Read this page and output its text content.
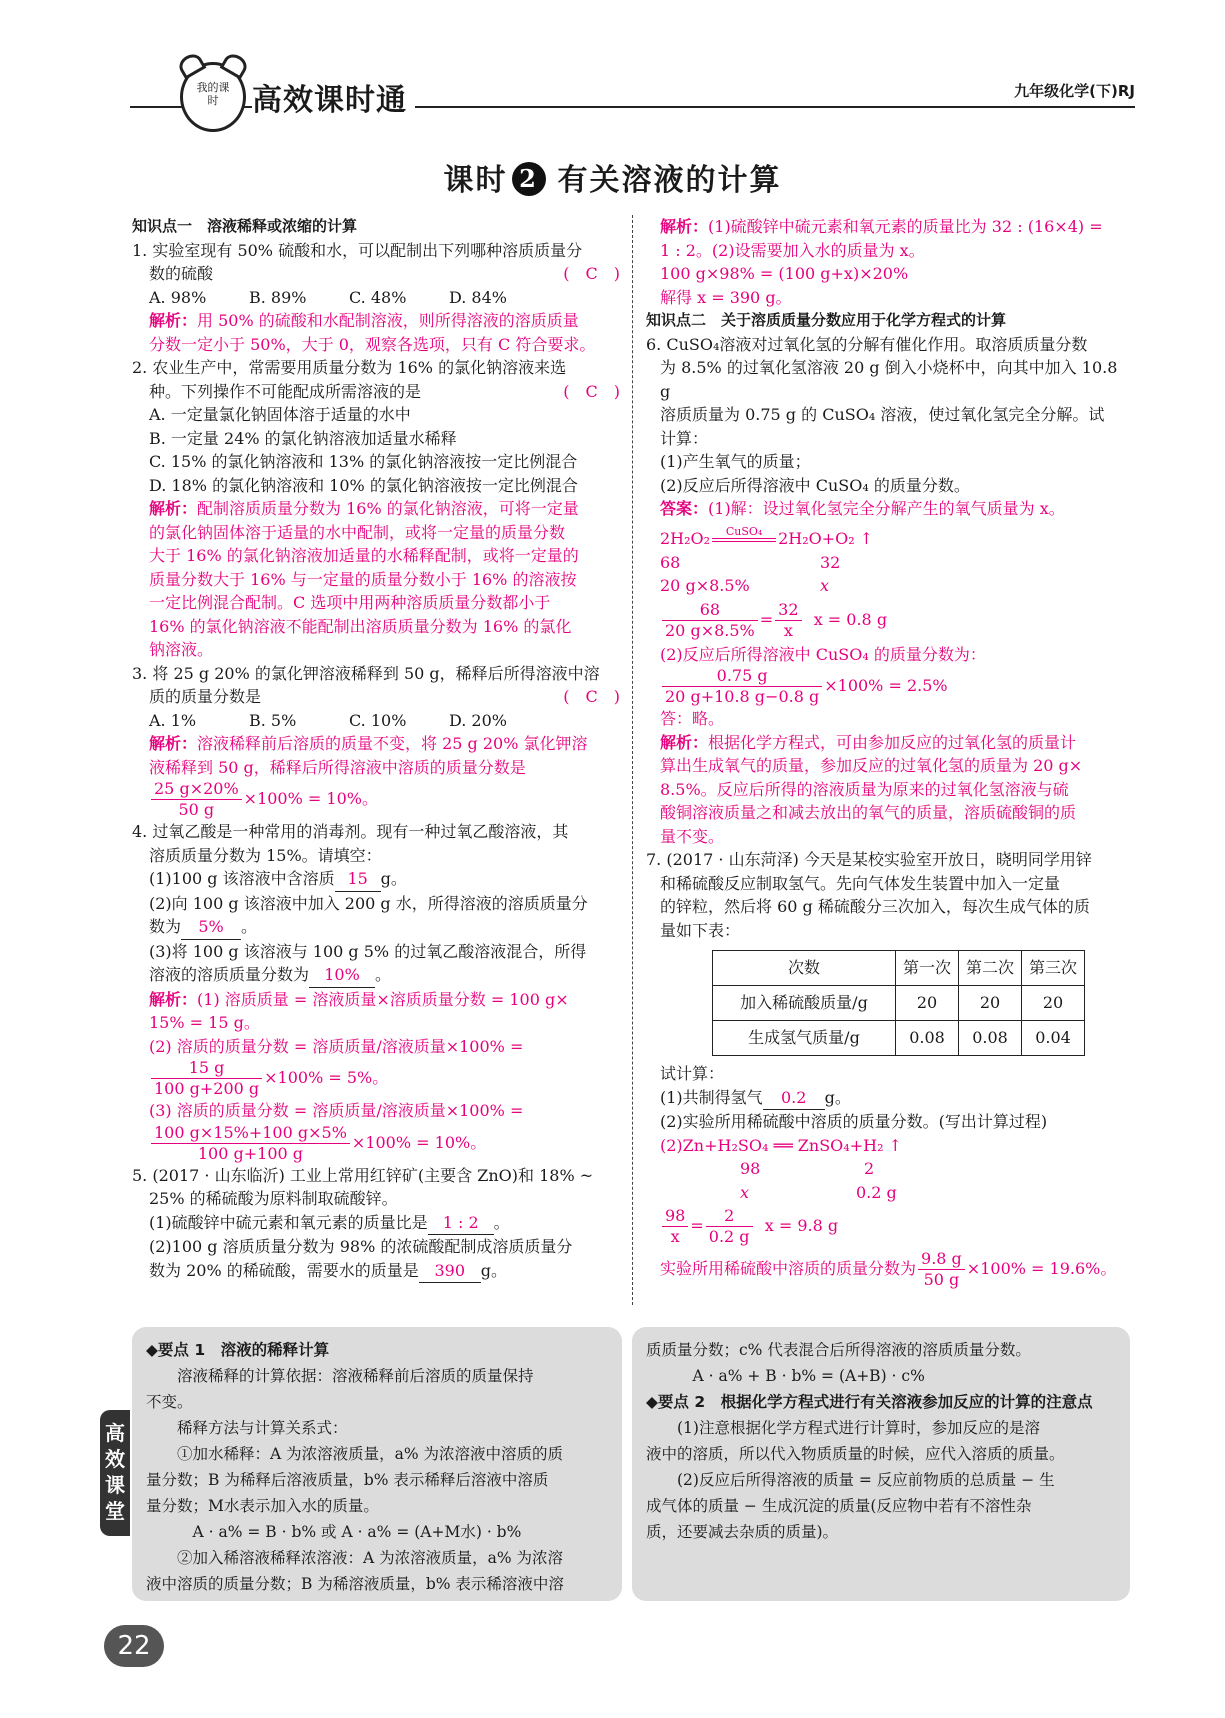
我的课时	高效课时通	九年级化学(下)RJ
课时 2 有关溶液的计算
知识点一　溶液稀释或浓缩的计算
1. 实验室现有 50% 硫酸和水，可以配制出下列哪种溶质质量分
数的硫酸	(　C　)
A. 98%	B. 89%	C. 48%	D. 84%
解析：用 50% 的硫酸和水配制溶液，则所得溶液的溶质质量
分数一定小于 50%，大于 0，观察各选项，只有 C 符合要求。
2. 农业生产中，常需要用质量分数为 16% 的氯化钠溶液来选
种。下列操作不可能配成所需溶液的是	(　C　)
A. 一定量氯化钠固体溶于适量的水中
B. 一定量 24% 的氯化钠溶液加适量水稀释
C. 15% 的氯化钠溶液和 13% 的氯化钠溶液按一定比例混合
D. 18% 的氯化钠溶液和 10% 的氯化钠溶液按一定比例混合
解析：配制溶质质量分数为 16% 的氯化钠溶液，可将一定量
的氯化钠固体溶于适量的水中配制，或将一定量的质量分数
大于 16% 的氯化钠溶液加适量的水稀释配制，或将一定量的
质量分数大于 16% 与一定量的质量分数小于 16% 的溶液按
一定比例混合配制。C 选项中用两种溶质质量分数都小于
16% 的氯化钠溶液不能配制出溶质质量分数为 16% 的氯化
钠溶液。
3. 将 25 g 20% 的氯化钾溶液稀释到 50 g，稀释后所得溶液中溶
质的质量分数是	(　C　)
A. 1%	B. 5%	C. 10%	D. 20%
解析：溶液稀释前后溶质的质量不变，将 25 g 20% 氯化钾溶
液稀释到 50 g，稀释后所得溶液中溶质的质量分数是
$\frac{25 g\times 20\%}{50 g} \times 100\% = 10\%$。
4. 过氧乙酸是一种常用的消毒剂。现有一种过氧乙酸溶液，其
溶质质量分数为 15%。请填空：
(1)100 g 该溶液中含溶质 15 g。
(2)向 100 g 该溶液中加入 200 g 水，所得溶液的溶质质量分
数为 5% 。
(3)将 100 g 该溶液与 100 g 5% 的过氧乙酸溶液混合，所得
溶液的溶质质量分数为 10% 。
解析：(1) 溶质质量 = 溶液质量×溶质质量分数 = 100 g×
15% = 15 g。
(2) 溶质的质量分数 = 溶质质量/溶液质量×100% =
$\frac{15 g}{100 g+200 g} \times 100\% = 5\%$。
(3) 溶质的质量分数 = 溶质质量/溶液质量×100% =
$\frac{100 g\times 15\%+100 g\times 5\%}{100 g+100 g} \times 100\% = 10\%$。
5. (2017 · 山东临沂) 工业上常用红锌矿(主要含 ZnO)和 18% ~
25% 的稀硫酸为原料制取硫酸锌。
(1)硫酸锌中硫元素和氧元素的质量比是 1 : 2 。
(2)100 g 溶质质量分数为 98% 的浓硫酸配制成溶质质量分
数为 20% 的稀硫酸，需要水的质量是 390 g。
解析：(1)硫酸锌中硫元素和氧元素的质量比为 32 : (16×4) =
1 : 2。(2)设需要加入水的质量为 x。
100 g×98% = (100 g+x)×20%
解得 x = 390 g。
知识点二　关于溶质质量分数应用于化学方程式的计算
6. CuSO₄溶液对过氧化氢的分解有催化作用。取溶质质量分数
为 8.5% 的过氧化氢溶液 20 g 倒入小烧杯中，向其中加入 10.8 g
溶质质量为 0.75 g 的 CuSO₄ 溶液，使过氧化氢完全分解。试
计算：
(1)产生氧气的质量；
(2)反应后所得溶液中 CuSO₄ 的质量分数。
答案：(1)解：设过氧化氢完全分解产生的氧气质量为 x。
2H₂O₂	CuSO₄ 2H₂O+O₂ ↑
68	32
20 g×8.5%	x
$\frac{68}{20 g\times 8.5\%} = \frac{32}{x}$ x = 0.8 g
(2)反应后所得溶液中 CuSO₄ 的质量分数为：
$\frac{0.75 g}{20 g+10.8 g-0.8 g} \times 100\% = 2.5\%$
答：略。
解析：根据化学方程式，可由参加反应的过氧化氢的质量计
算出生成氧气的质量，参加反应的过氧化氢的质量为 20 g×
8.5%。反应后所得的溶液质量为原来的过氧化氢溶液与硫
酸铜溶液质量之和减去放出的氧气的质量，溶质硫酸铜的质
量不变。
7. (2017 · 山东菏泽) 今天是某校实验室开放日，晓明同学用锌
和稀硫酸反应制取氢气。先向气体发生装置中加入一定量
的锌粒，然后将 60 g 稀硫酸分三次加入，每次生成气体的质
量如下表：
次数	第一次	第二次	第三次
加入稀硫酸质量/g	20	20	20
生成氢气质量/g	0.08	0.08	0.04
试计算：
(1)共制得氢气 0.2 g。
(2)实验所用稀硫酸中溶质的质量分数。(写出计算过程)
(2)Zn+H₂SO₄ ══ ZnSO₄+H₂ ↑
98	2
x	0.2 g
$\frac{98}{x} = \frac{2}{0.2 g}$ x = 9.8 g
实验所用稀硫酸中溶质的质量分数为 $\frac{9.8 g}{50 g} \times 100\% = 19.6\%$。
高
效
课
堂
◆要点 1　溶液的稀释计算
　　溶液稀释的计算依据：溶液稀释前后溶质的质量保持
不变。
　　稀释方法与计算关系式：
　　①加水稀释：A 为浓溶液质量，a% 为浓溶液中溶质的质
量分数；B 为稀释后溶液质量，b% 表示稀释后溶液中溶质
量分数；M水表示加入水的质量。
　　　A · a% = B · b% 或 A · a% = (A+M水) · b%
　　②加入稀溶液稀释浓溶液：A 为浓溶液质量，a% 为浓溶
液中溶质的质量分数；B 为稀溶液质量，b% 表示稀溶液中溶
质质量分数；c% 代表混合后所得溶液的溶质质量分数。
　　　A · a% + B · b% = (A+B) · c%
◆要点 2　根据化学方程式进行有关溶液参加反应的计算的注意点
　　(1)注意根据化学方程式进行计算时，参加反应的是溶
液中的溶质，所以代入物质质量的时候，应代入溶质的质量。
　　(2)反应后所得溶液的质量 = 反应前物质的总质量 − 生
成气体的质量 − 生成沉淀的质量(反应物中若有不溶性杂
质，还要减去杂质的质量)。
22
